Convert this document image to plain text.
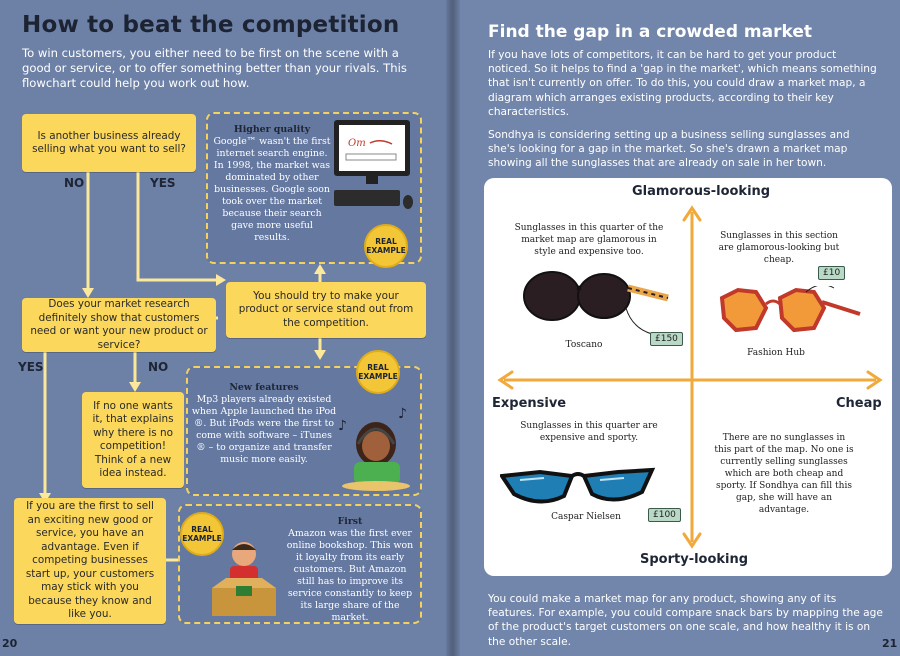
How to beat the competition
To win customers, you either need to be first on the scene with a good or service, or to offer something better than your rivals. This flowchart could help you work out how.
Is another business already selling what you want to sell?
NO	YES
Does your market research definitely show that customers need or want your new product or service?
YES	NO
You should try to make your product or service stand out from the competition.
If no one wants it, that explains why there is no competition! Think of a new idea instead.
If you are the first to sell an exciting new good or service, you have an advantage. Even if competing businesses start up, your customers may stick with you because they know and like you.
Higher quality
Google™ wasn't the first internet search engine. In 1998, the market was dominated by other businesses. Google soon took over the market because their search gave more useful results.
Om
REAL EXAMPLE
New features
Mp3 players already existed when Apple launched the iPod ®. But iPods were the first to come with software – iTunes ® – to organize and transfer music more easily.
REAL EXAMPLE
♪
♪
First
Amazon was the first ever online bookshop. This won it loyalty from its early customers. But Amazon still has to improve its service constantly to keep its large share of the market.
REAL EXAMPLE
20
Find the gap in a crowded market
If you have lots of competitors, it can be hard to get your product noticed. So it helps to find a 'gap in the market', which means something that isn't currently on offer. To do this, you could draw a market map, a diagram which arranges existing products, according to their key characteristics.
Sondhya is considering setting up a business selling sunglasses and she's looking for a gap in the market. So she's drawn a market map showing all the sunglasses that are already on sale in her town.
Glamorous-looking
Sporty-looking
Expensive	Cheap
Sunglasses in this quarter of the market map are glamorous in style and expensive too.
Sunglasses in this section are glamorous-looking but cheap.
Sunglasses in this quarter are expensive and sporty.	There are no sunglasses in this part of the map. No one is currently selling sunglasses which are both cheap and sporty. If Sondhya can fill this gap, she will have an advantage.
Toscano
£150
Fashion Hub
£10
Caspar Nielsen	£100
You could make a market map for any product, showing any of its features. For example, you could compare snack bars by mapping the age of the product's target customers on one scale, and how healthy it is on the other scale.	21
